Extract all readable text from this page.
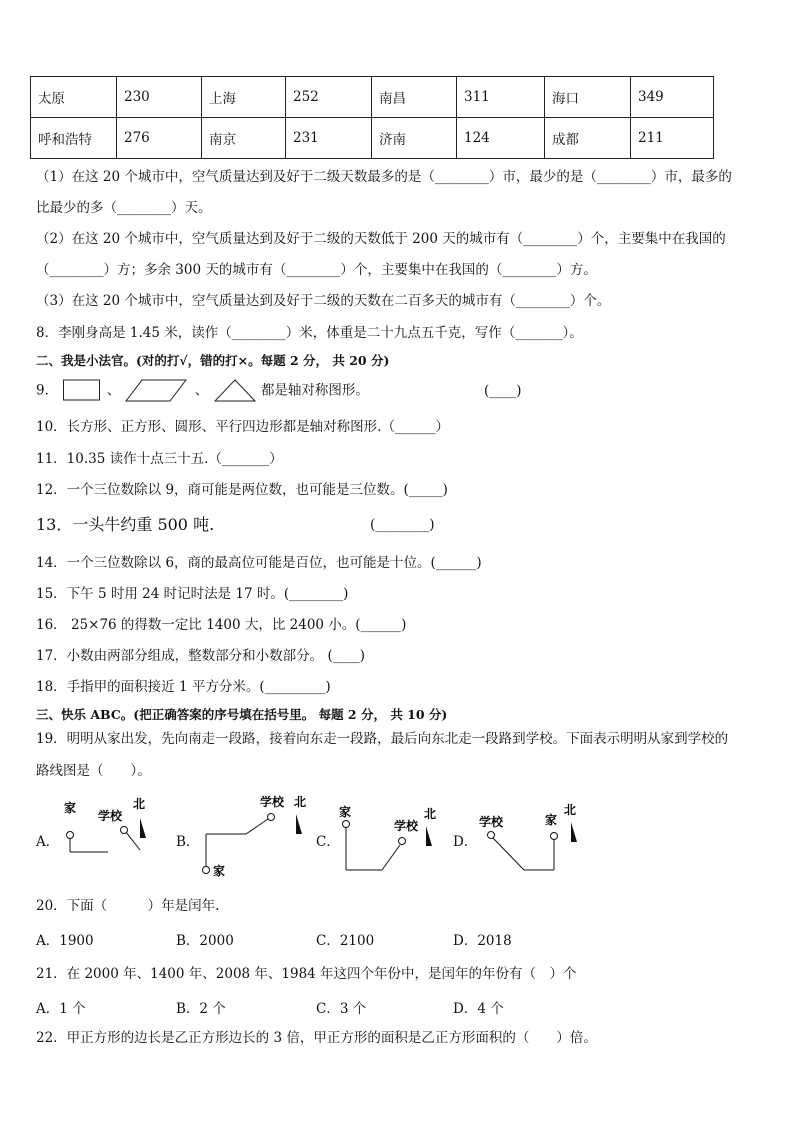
太原	230	上海	252	南昌	311	海口	349
呼和浩特	276	南京	231	济南	124	成都	211
（1）在这 20 个城市中，空气质量达到及好于二级天数最多的是（________）市，最少的是（________）市，最多的
比最少的多（________）天。
（2）在这 20 个城市中，空气质量达到及好于二级的天数低于 200 天的城市有（________）个，主要集中在我国的
（________）方；多余 300 天的城市有（________）个，主要集中在我国的（________）方。
（3）在这 20 个城市中，空气质量达到及好于二级的天数在二百多天的城市有（________）个。
8．李刚身高是 1.45 米，读作（________）米，体重是二十九点五千克，写作（_______）。
二、我是小法官。(对的打√，错的打×。每题 2 分， 共 20 分)
9．	、	、	都是轴对称图形。	(____)
10．长方形、正方形、圆形、平行四边形都是轴对称图形.（______）
11．10.35 读作十点三十五.（_______）
12．一个三位数除以 9，商可能是两位数，也可能是三位数。(_____)
13．一头牛约重 500 吨.	(________)
14．一个三位数除以 6，商的最高位可能是百位，也可能是十位。(______)
15．下午 5 时用 24 时记时法是 17 时。(________)
16． 25×76 的得数一定比 1400 大，比 2400 小。(______)
17．小数由两部分组成，整数部分和小数部分。 (____)
18．手指甲的面积接近 1 平方分米。(_________)
三、快乐 ABC。(把正确答案的序号填在括号里。 每题 2 分， 共 10 分)
19．明明从家出发，先向南走一段路，接着向东走一段路，最后向东北走一段路到学校。下面表示明明从家到学校的
路线图是（　　）。
A．
家
学校
北
B．
学校 北
家
C．
家
学校
北
D．
学校	家
北
20．下面（　　　）年是闰年.
A．1900	B．2000	C．2100	D．2018
21．在 2000 年、1400 年、2008 年、1984 年这四个年份中，是闰年的年份有（　）个
A．1 个	B．2 个	C．3 个	D．4 个
22．甲正方形的边长是乙正方形边长的 3 倍，甲正方形的面积是乙正方形面积的（　　）倍。
